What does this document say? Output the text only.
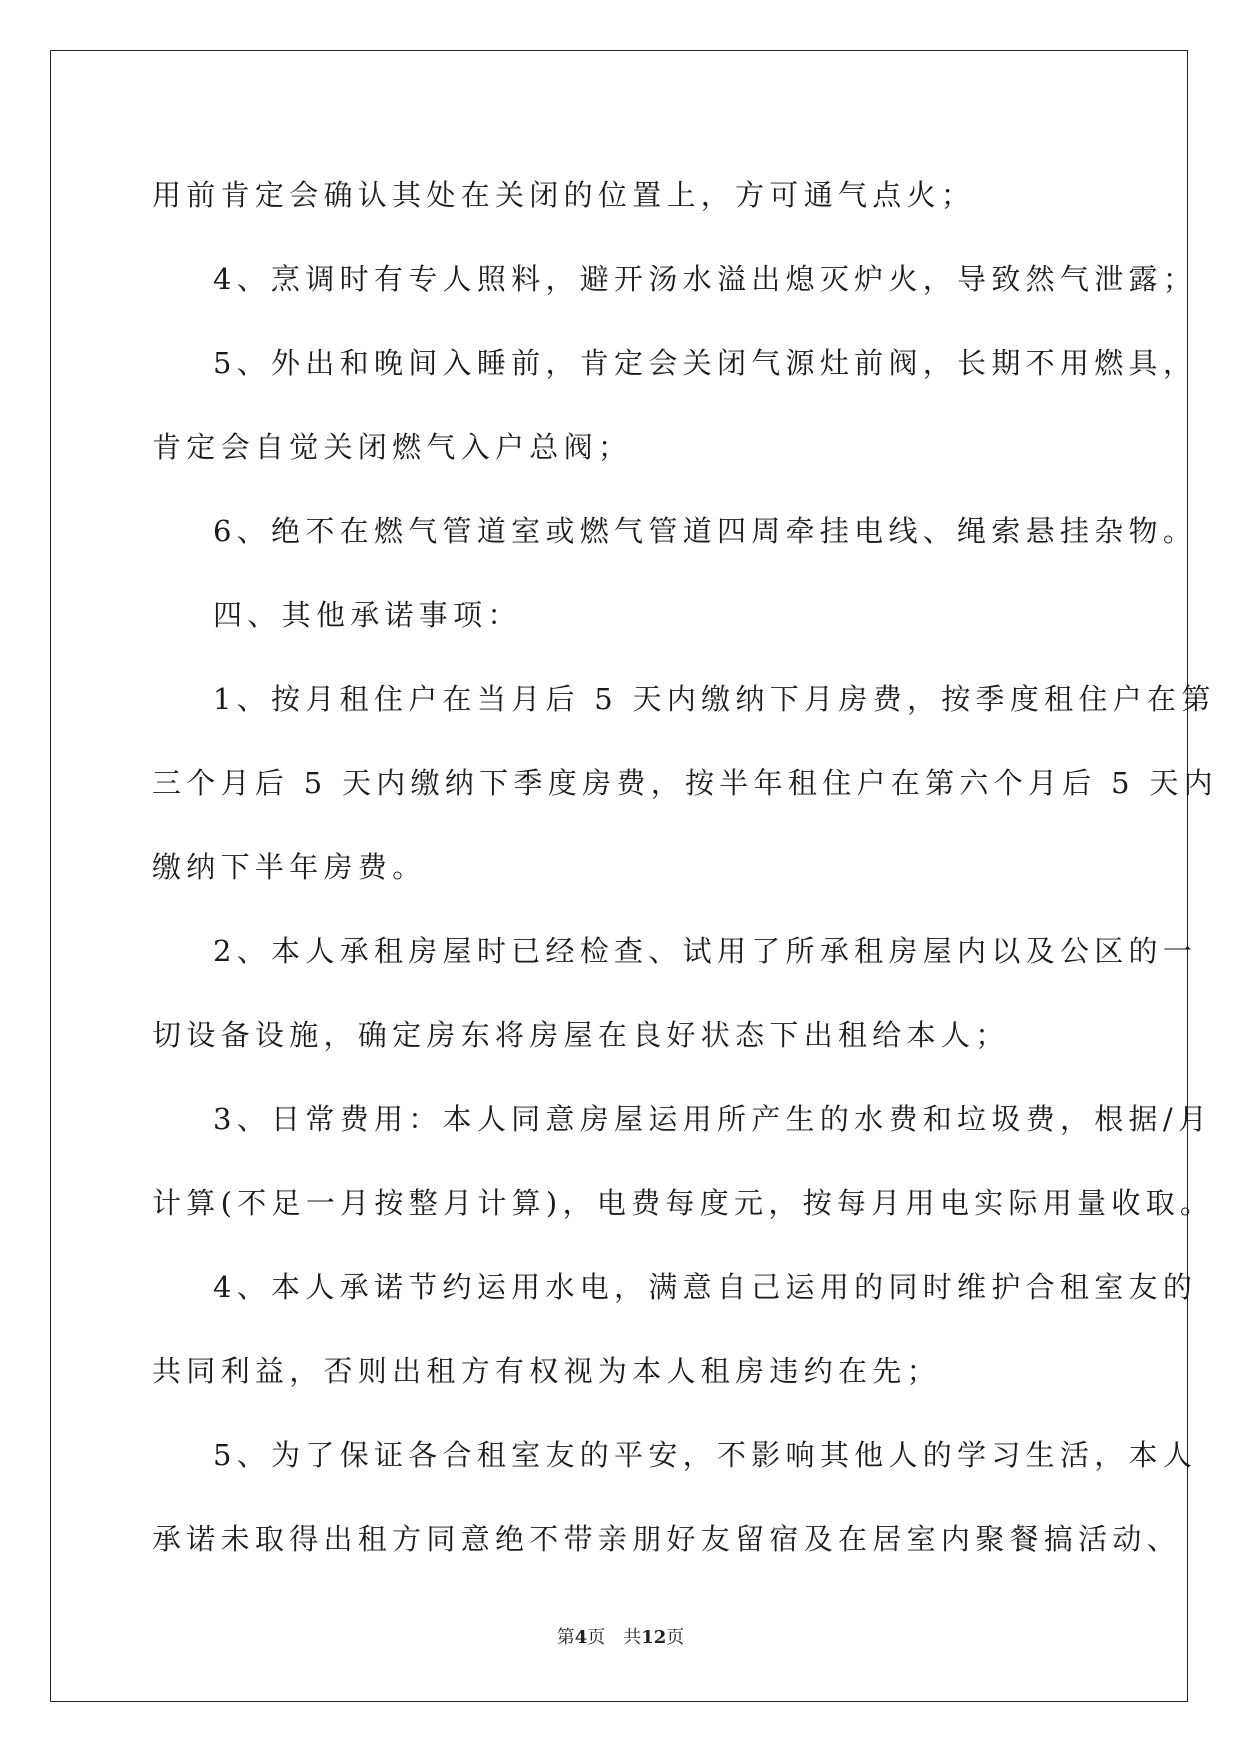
用前肯定会确认其处在关闭的位置上，方可通气点火；
4、烹调时有专人照料，避开汤水溢出熄灭炉火，导致然气泄露；
5、外出和晚间入睡前，肯定会关闭气源灶前阀，长期不用燃具，
肯定会自觉关闭燃气入户总阀；
6、绝不在燃气管道室或燃气管道四周牵挂电线、绳索悬挂杂物。
四、其他承诺事项：
1、按月租住户在当月后 5 天内缴纳下月房费，按季度租住户在第
三个月后 5 天内缴纳下季度房费，按半年租住户在第六个月后 5 天内
缴纳下半年房费。
2、本人承租房屋时已经检查、试用了所承租房屋内以及公区的一
切设备设施，确定房东将房屋在良好状态下出租给本人；
3、日常费用：本人同意房屋运用所产生的水费和垃圾费，根据/月
计算(不足一月按整月计算)，电费每度元，按每月用电实际用量收取。
4、本人承诺节约运用水电，满意自己运用的同时维护合租室友的
共同利益，否则出租方有权视为本人租房违约在先；
5、为了保证各合租室友的平安，不影响其他人的学习生活，本人
承诺未取得出租方同意绝不带亲朋好友留宿及在居室内聚餐搞活动、
第4页 共12页
